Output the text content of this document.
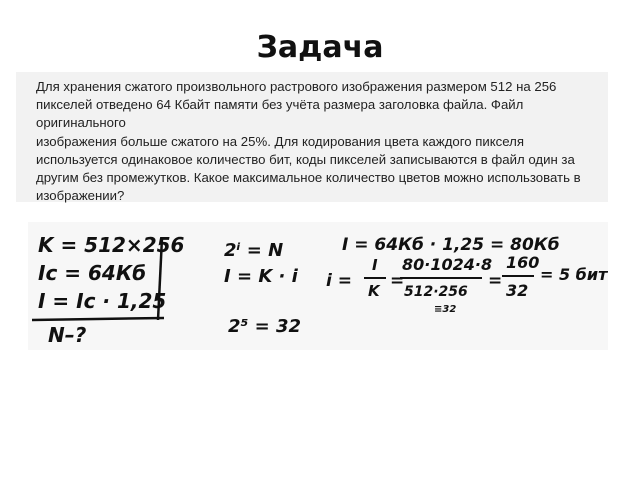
Задача
Для хранения сжатого произвольного растрового изображения размером 512 на 256
пикселей отведено 64 Кбайт памяти без учёта размера заголовка файла. Файл оригинального
изображения больше сжатого на 25%. Для кодирования цвета каждого пикселя
используется одинаковое количество бит, коды пикселей записываются в файл один за
другим без промежутков. Какое максимальное количество цветов можно использовать в
изображении?
K = 512×256
Iс = 64Кб
I = Iс · 1,25
N–?
2ⁱ = N
I = K · i
2⁵ = 32
I = 64Кб · 1,25 = 80Кб
i =
I
K =
80·1024·8
512·256
≡32
=
160
32
= 5 бит
